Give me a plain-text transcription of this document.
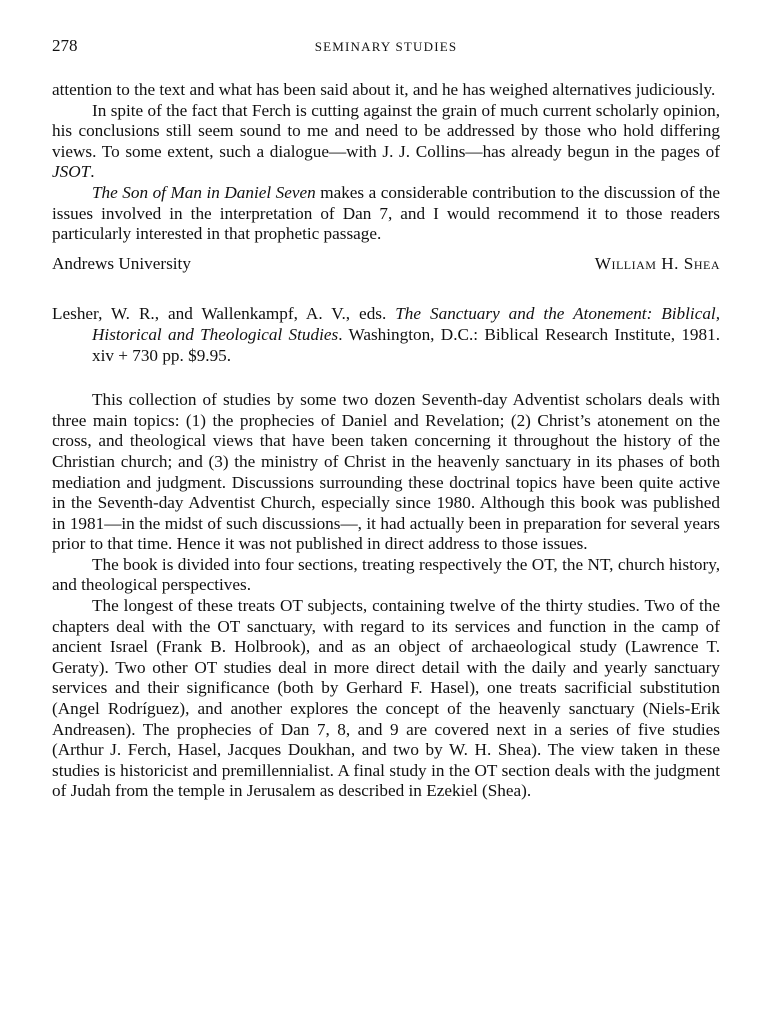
278	SEMINARY STUDIES

attention to the text and what has been said about it, and he has weighed alternatives judiciously.

In spite of the fact that Ferch is cutting against the grain of much current scholarly opinion, his conclusions still seem sound to me and need to be addressed by those who hold differing views. To some extent, such a dialogue—with J. J. Collins—has already begun in the pages of JSOT.

The Son of Man in Daniel Seven makes a considerable contribution to the discussion of the issues involved in the interpretation of Dan 7, and I would recommend it to those readers particularly interested in that prophetic passage.

Andrews University	William H. Shea

Lesher, W. R., and Wallenkampf, A. V., eds. The Sanctuary and the Atonement: Biblical, Historical and Theological Studies. Washington, D.C.: Biblical Research Institute, 1981. xiv + 730 pp. $9.95.

This collection of studies by some two dozen Seventh-day Adventist scholars deals with three main topics: (1) the prophecies of Daniel and Revelation; (2) Christ’s atonement on the cross, and theological views that have been taken concerning it throughout the history of the Christian church; and (3) the ministry of Christ in the heavenly sanctuary in its phases of both mediation and judgment. Discussions surrounding these doctrinal topics have been quite active in the Seventh-day Adventist Church, especially since 1980. Although this book was published in 1981—in the midst of such discussions—, it had actually been in preparation for several years prior to that time. Hence it was not published in direct address to those issues.

The book is divided into four sections, treating respectively the OT, the NT, church history, and theological perspectives.

The longest of these treats OT subjects, containing twelve of the thirty studies. Two of the chapters deal with the OT sanctuary, with regard to its services and function in the camp of ancient Israel (Frank B. Holbrook), and as an object of archaeological study (Lawrence T. Geraty). Two other OT studies deal in more direct detail with the daily and yearly sanctuary services and their significance (both by Gerhard F. Hasel), one treats sacrificial substitution (Angel Rodríguez), and another explores the concept of the heavenly sanctuary (Niels-Erik Andreasen). The prophecies of Dan 7, 8, and 9 are covered next in a series of five studies (Arthur J. Ferch, Hasel, Jacques Doukhan, and two by W. H. Shea). The view taken in these studies is historicist and premillennialist. A final study in the OT section deals with the judgment of Judah from the temple in Jerusalem as described in Ezekiel (Shea).
